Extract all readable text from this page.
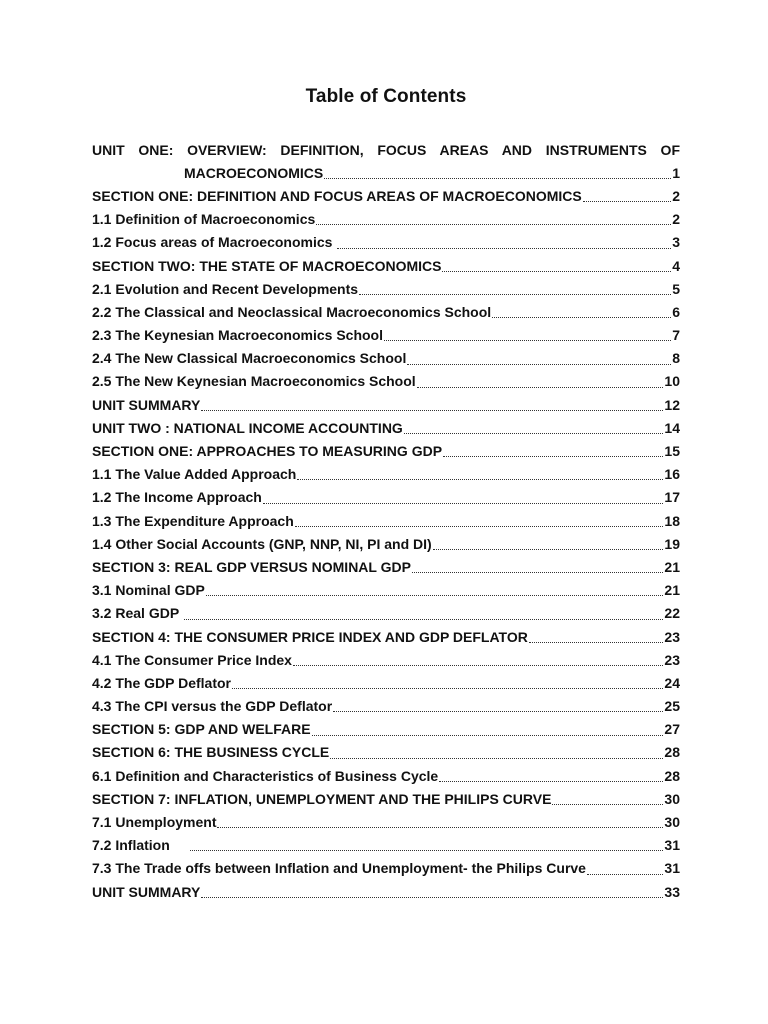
Table of Contents
UNIT ONE: OVERVIEW: DEFINITION, FOCUS AREAS AND INSTRUMENTS OF
MACROECONOMICS	1
SECTION ONE: DEFINITION AND FOCUS AREAS OF MACROECONOMICS	2
1.1 Definition of Macroeconomics	2
1.2 Focus areas of Macroeconomics	3
SECTION TWO: THE STATE OF MACROECONOMICS	4
2.1 Evolution and Recent Developments	5
2.2 The Classical and Neoclassical Macroeconomics School	6
2.3 The Keynesian Macroeconomics School	7
2.4 The New Classical Macroeconomics School	8
2.5 The New Keynesian Macroeconomics School	10
UNIT SUMMARY	12
UNIT TWO : NATIONAL INCOME ACCOUNTING	14
SECTION ONE: APPROACHES TO MEASURING GDP	15
1.1 The Value Added Approach	16
1.2 The Income Approach	17
1.3 The Expenditure Approach	18
1.4 Other Social Accounts (GNP, NNP, NI, PI and DI)	19
SECTION 3: REAL GDP VERSUS NOMINAL GDP	21
3.1 Nominal GDP	21
3.2 Real GDP	22
SECTION 4: THE CONSUMER PRICE INDEX AND GDP DEFLATOR	23
4.1 The Consumer Price Index	23
4.2 The GDP Deflator	24
4.3 The CPI versus the GDP Deflator	25
SECTION 5: GDP AND WELFARE	27
SECTION 6: THE BUSINESS CYCLE	28
6.1 Definition and Characteristics of Business Cycle	28
SECTION 7: INFLATION, UNEMPLOYMENT AND THE PHILIPS CURVE	30
7.1 Unemployment	30
7.2 Inflation	31
7.3 The Trade offs between Inflation and Unemployment- the Philips Curve	31
UNIT SUMMARY	33
